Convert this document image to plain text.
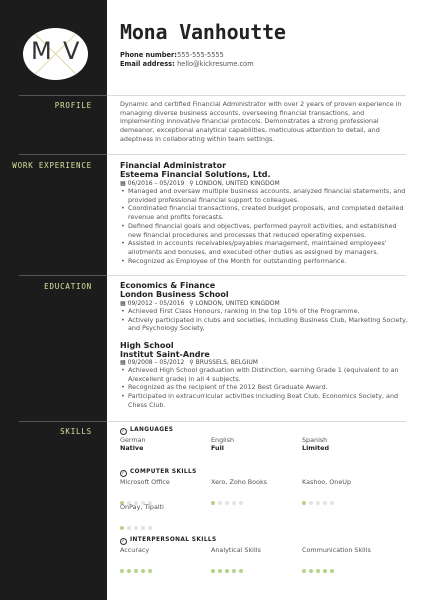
M V
Mona Vanhoutte
Phone number: 555-555-5555
Email address: hello@kickresume.com
PROFILE	Dynamic and certified Financial Administrator with over 2 years of proven experience in managing diverse business accounts, overseeing financial transactions, and implementing innovative financial protocols. Demonstrates a strong professional demeanor, exceptional analytical capabilities, meticulous attention to detail, and adeptness in collaborating within team settings.
WORK EXPERIENCE	Financial Administrator
Esteema Financial Solutions, Ltd.
▦ 06/2016 – 05/2019 ⚲ LONDON, UNITED KINGDOM
• Managed and oversaw multiple business accounts, analyzed financial statements, and provided professional financial support to colleagues.
• Coordinated financial transactions, created budget proposals, and completed detailed revenue and profits forecasts.
• Defined financial goals and objectives, performed payroll activities, and established new financial procedures and processes that reduced operating expenses.
• Assisted in accounts receivables/payables management, maintained employees' allotments and bonuses, and executed other duties as assigned by managers.
• Recognized as Employee of the Month for outstanding performance.
EDUCATION	Economics & Finance
London Business School
▦ 09/2012 – 05/2016 ⚲ LONDON, UNITED KINGDOM
• Achieved First Class Honours, ranking in the top 10% of the Programme.
• Actively participated in clubs and societies, including Business Club, Marketing Society, and Psychology Society.
High School
Institut Saint-Andre
▦ 09/2008 – 05/2012 ⚲ BRUSSELS, BELGIUM
• Achieved High School graduation with Distinction, earning Grade 1 (equivalent to an A/excellent grade) in all 4 subjects.
• Recognized as the recipient of the 2012 Best Graduate Award.
• Participated in extracurricular activities including Boat Club, Economics Society, and Chess Club.
SKILLS	✓ LANGUAGES
German
Native
English
Full
Spanish
Limited
✓ COMPUTER SKILLS
Microsoft Office	Xero, Zoho Books	Kashoo, OneUp
OnPay, Tipalti
✓ INTERPERSONAL SKILLS
Accuracy	Analytical Skills	Communication Skills
